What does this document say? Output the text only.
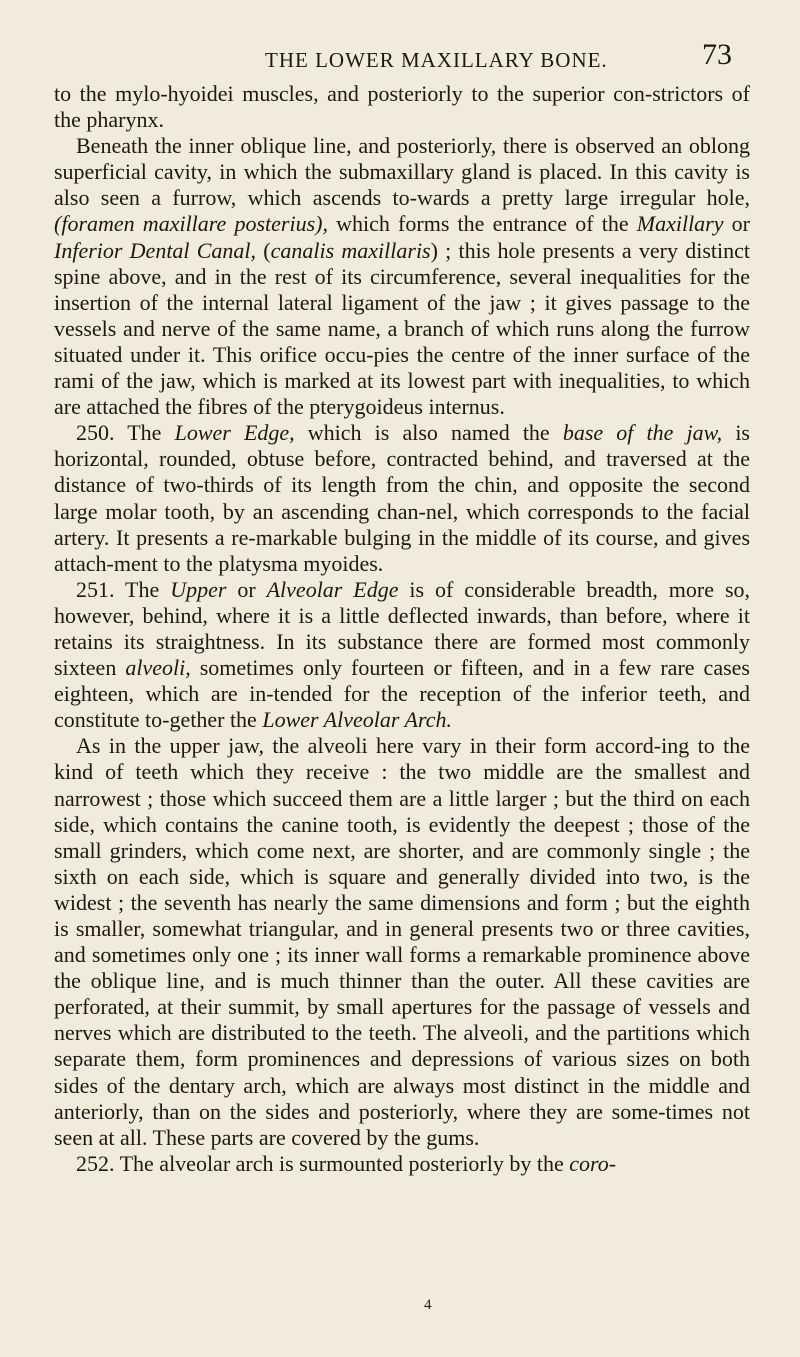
THE LOWER MAXILLARY BONE.	73

to the mylo-hyoidei muscles, and posteriorly to the superior con-strictors of the pharynx.

Beneath the inner oblique line, and posteriorly, there is observed an oblong superficial cavity, in which the submaxillary gland is placed. In this cavity is also seen a furrow, which ascends to-wards a pretty large irregular hole, (foramen maxillare posterius), which forms the entrance of the Maxillary or Inferior Dental Canal, (canalis maxillaris) ; this hole presents a very distinct spine above, and in the rest of its circumference, several inequalities for the insertion of the internal lateral ligament of the jaw ; it gives passage to the vessels and nerve of the same name, a branch of which runs along the furrow situated under it. This orifice occu-pies the centre of the inner surface of the rami of the jaw, which is marked at its lowest part with inequalities, to which are attached the fibres of the pterygoideus internus.

250. The Lower Edge, which is also named the base of the jaw, is horizontal, rounded, obtuse before, contracted behind, and traversed at the distance of two-thirds of its length from the chin, and opposite the second large molar tooth, by an ascending chan-nel, which corresponds to the facial artery. It presents a re-markable bulging in the middle of its course, and gives attach-ment to the platysma myoides.

251. The Upper or Alveolar Edge is of considerable breadth, more so, however, behind, where it is a little deflected inwards, than before, where it retains its straightness. In its substance there are formed most commonly sixteen alveoli, sometimes only fourteen or fifteen, and in a few rare cases eighteen, which are in-tended for the reception of the inferior teeth, and constitute to-gether the Lower Alveolar Arch.

As in the upper jaw, the alveoli here vary in their form accord-ing to the kind of teeth which they receive : the two middle are the smallest and narrowest ; those which succeed them are a little larger ; but the third on each side, which contains the canine tooth, is evidently the deepest ; those of the small grinders, which come next, are shorter, and are commonly single ; the sixth on each side, which is square and generally divided into two, is the widest ; the seventh has nearly the same dimensions and form ; but the eighth is smaller, somewhat triangular, and in general presents two or three cavities, and sometimes only one ; its inner wall forms a remarkable prominence above the oblique line, and is much thinner than the outer. All these cavities are perforated, at their summit, by small apertures for the passage of vessels and nerves which are distributed to the teeth. The alveoli, and the partitions which separate them, form prominences and depressions of various sizes on both sides of the dentary arch, which are always most distinct in the middle and anteriorly, than on the sides and posteriorly, where they are some-times not seen at all. These parts are covered by the gums.

252. The alveolar arch is surmounted posteriorly by the coro-

4
